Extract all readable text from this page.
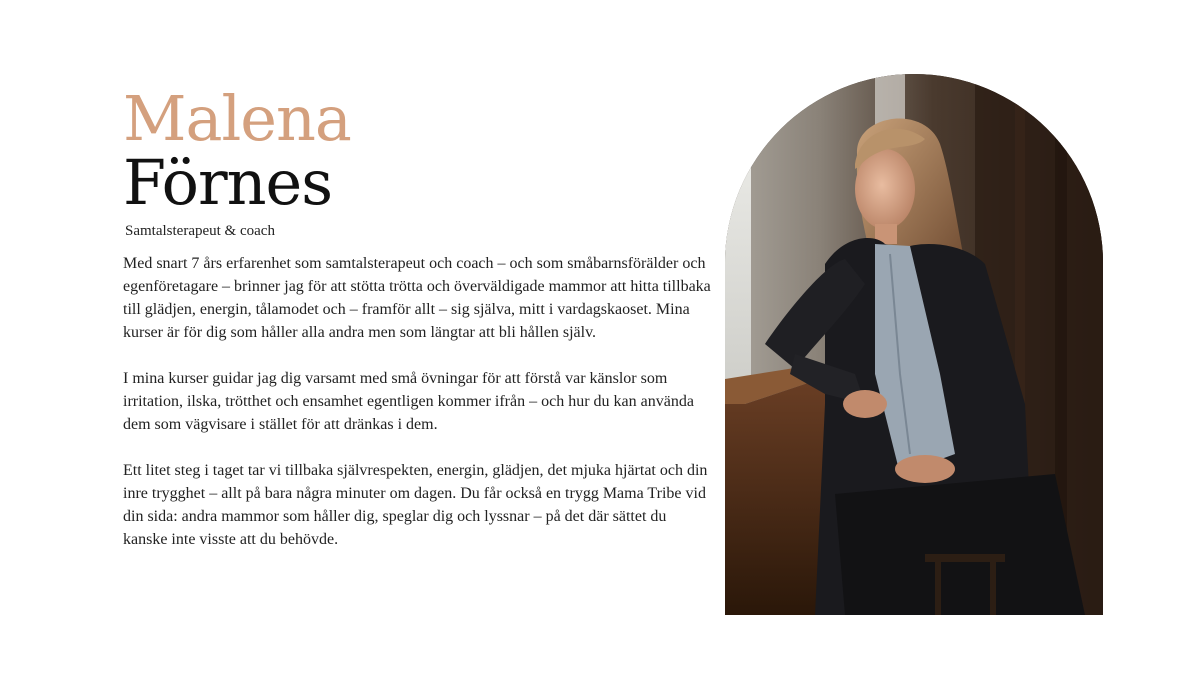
Malena
Förnes
Samtalsterapeut & coach

Med snart 7 års erfarenhet som samtalsterapeut och coach – och som småbarnsförälder och egenföretagare – brinner jag för att stötta trötta och överväldigade mammor att hitta tillbaka till glädjen, energin, tålamodet och – framför allt – sig själva, mitt i vardagskaoset. Mina kurser är för dig som håller alla andra men som längtar att bli hållen själv.

I mina kurser guidar jag dig varsamt med små övningar för att förstå var känslor som irritation, ilska, trötthet och ensamhet egentligen kommer ifrån – och hur du kan använda dem som vägvisare i stället för att dränkas i dem.

Ett litet steg i taget tar vi tillbaka självrespekten, energin, glädjen, det mjuka hjärtat och din inre trygghet – allt på bara några minuter om dagen. Du får också en trygg Mama Tribe vid din sida: andra mammor som håller dig, speglar dig och lyssnar – på det där sättet du kanske inte visste att du behövde.
